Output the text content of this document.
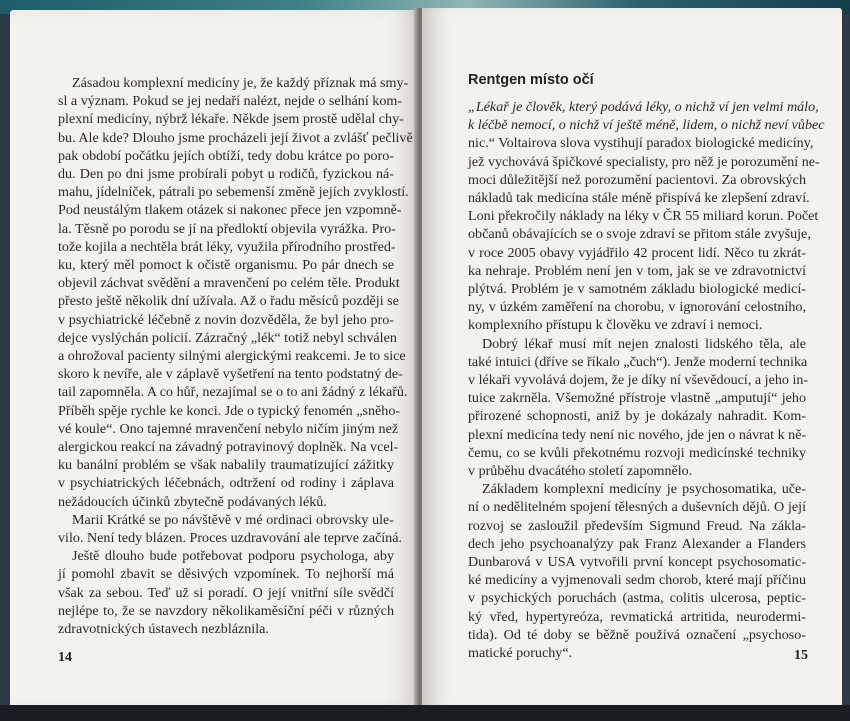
Zásadou komplexní medicíny je, že každý příznak má smy-
sl a význam. Pokud se jej nedaří nalézt, nejde o selhání kom-
plexní medicíny, nýbrž lékaře. Někde jsem prostě udělal chy-
bu. Ale kde? Dlouho jsme procházeli její život a zvlášť pečlivě
pak období počátku jejích obtíží, tedy dobu krátce po poro-
du. Den po dni jsme probírali pobyt u rodičů, fyzickou ná-
mahu, jídelníček, pátrali po sebemenší změně jejích zvyklostí.
Pod neustálým tlakem otázek si nakonec přece jen vzpomně-
la. Těsně po porodu se jí na předloktí objevila vyrážka. Pro-
tože kojila a nechtěla brát léky, využila přírodního prostřed-
ku, který měl pomoct k očistě organismu. Po pár dnech se
objevil záchvat svědění a mravenčení po celém těle. Produkt
přesto ještě několik dní užívala. Až o řadu měsíců později se
v psychiatrické léčebně z novin dozvěděla, že byl jeho pro-
dejce vyslýchán policií. Zázračný „lék“ totiž nebyl schválen
a ohrožoval pacienty silnými alergickými reakcemi. Je to sice
skoro k nevíře, ale v záplavě vyšetření na tento podstatný de-
tail zapomněla. A co hůř, nezajímal se o to ani žádný z lékařů.
Příběh spěje rychle ke konci. Jde o typický fenomén „sněho-
vé koule“. Ono tajemné mravenčení nebylo ničím jiným než
alergickou reakcí na závadný potravinový doplněk. Na vcel-
ku banální problém se však nabalily traumatizující zážitky
v psychiatrických léčebnách, odtržení od rodiny i záplava
nežádoucích účinků zbytečně podávaných léků.
Marii Krátké se po návštěvě v mé ordinaci obrovsky ule-
vilo. Není tedy blázen. Proces uzdravování ale teprve začíná.
Ještě dlouho bude potřebovat podporu psychologa, aby
jí pomohl zbavit se děsivých vzpomínek. To nejhorší má
však za sebou. Teď už si poradí. O její vnitřní síle svědčí
nejlépe to, že se navzdory několikaměsíční péči v různých
zdravotnických ústavech nezbláznila.
14
Rentgen místo očí
„Lékař je člověk, který podává léky, o nichž ví jen velmi málo,
k léčbě nemocí, o nichž ví ještě méně, lidem, o nichž neví vůbec
nic.“ Voltairova slova vystihují paradox biologické medicíny,
jež vychovává špičkové specialisty, pro něž je porozumění ne-
moci důležitější než porozumění pacientovi. Za obrovských
nákladů tak medicína stále méně přispívá ke zlepšení zdraví.
Loni překročily náklady na léky v ČR 55 miliard korun. Počet
občanů obávajících se o svoje zdraví se přitom stále zvyšuje,
v roce 2005 obavy vyjádřilo 42 procent lidí. Něco tu zkrát-
ka nehraje. Problém není jen v tom, jak se ve zdravotnictví
plýtvá. Problém je v samotném základu biologické medicí-
ny, v úzkém zaměření na chorobu, v ignorování celostního,
komplexního přístupu k člověku ve zdraví i nemoci.
Dobrý lékař musí mít nejen znalosti lidského těla, ale
také intuici (dříve se říkalo „čuch“). Jenže moderní technika
v lékaři vyvolává dojem, že je díky ní vševědoucí, a jeho in-
tuice zakrněla. Všemožné přístroje vlastně „amputují“ jeho
přirozené schopnosti, aniž by je dokázaly nahradit. Kom-
plexní medicína tedy není nic nového, jde jen o návrat k ně-
čemu, co se kvůli překotnému rozvoji medicínské techniky
v průběhu dvacátého století zapomnělo.
Základem komplexní medicíny je psychosomatika, uče-
ní o nedělitelném spojení tělesných a duševních dějů. O její
rozvoj se zasloužil především Sigmund Freud. Na zákla-
dech jeho psychoanalýzy pak Franz Alexander a Flanders
Dunbarová v USA vytvořili první koncept psychosomatic-
ké medicíny a vyjmenovali sedm chorob, které mají příčinu
v psychických poruchách (astma, colitis ulcerosa, peptic-
ký vřed, hypertyreóza, revmatická artritida, neurodermi-
tida). Od té doby se běžně používá označení „psychoso-
matické poruchy“.	15
